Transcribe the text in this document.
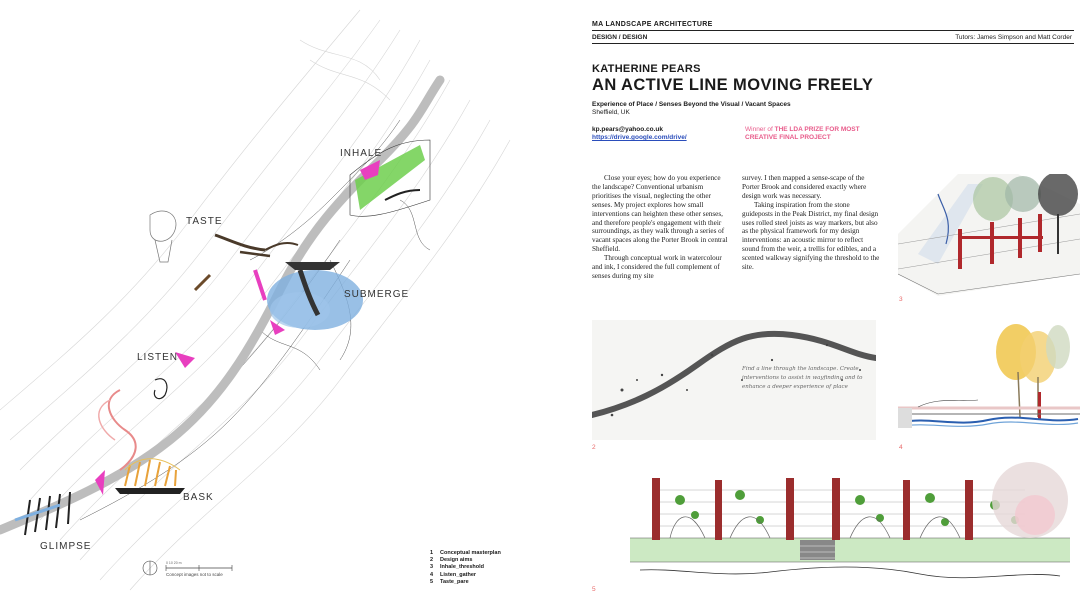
INHALE
TASTE
SUBMERGE
LISTEN
BASK
GLIMPSE
0 10 20 m
Concept images not to scale
1 Conceptual masterplan
2 Design aims
3 Inhale_threshold
4 Listen_gather
5 Taste_pare
MA LANDSCAPE ARCHITECTURE
DESIGN / DESIGN	Tutors: James Simpson and Matt Corder
KATHERINE PEARS
AN ACTIVE LINE MOVING FREELY
Experience of Place / Senses Beyond the Visual / Vacant Spaces
Sheffield, UK
kp.pears@yahoo.co.uk
https://drive.google.com/drive/
Winner of THE LDA PRIZE FOR MOST CREATIVE FINAL PROJECT

Close your eyes; how do you experience the landscape? Conventional urbanism prioritises the visual, neglecting the other senses. My project explores how small interventions can heighten these other senses, and therefore people's engagement with their surroundings, as they walk through a series of vacant spaces along the Porter Brook in central Sheffield.

Through conceptual work in watercolour and ink, I considered the full complement of senses during my site

survey. I then mapped a sense-scape of the Porter Brook and considered exactly where design work was necessary.

Taking inspiration from the stone guideposts in the Peak District, my final design uses rolled steel joists as way markers, but also as the physical framework for my design interventions: an acoustic mirror to reflect sound from the weir, a trellis for edibles, and a scented walkway signifying the threshold to the site.

3
Find a line through the landscape. Create interventions to assist in wayfinding and to enhance a deeper experience of place
2	4
5
